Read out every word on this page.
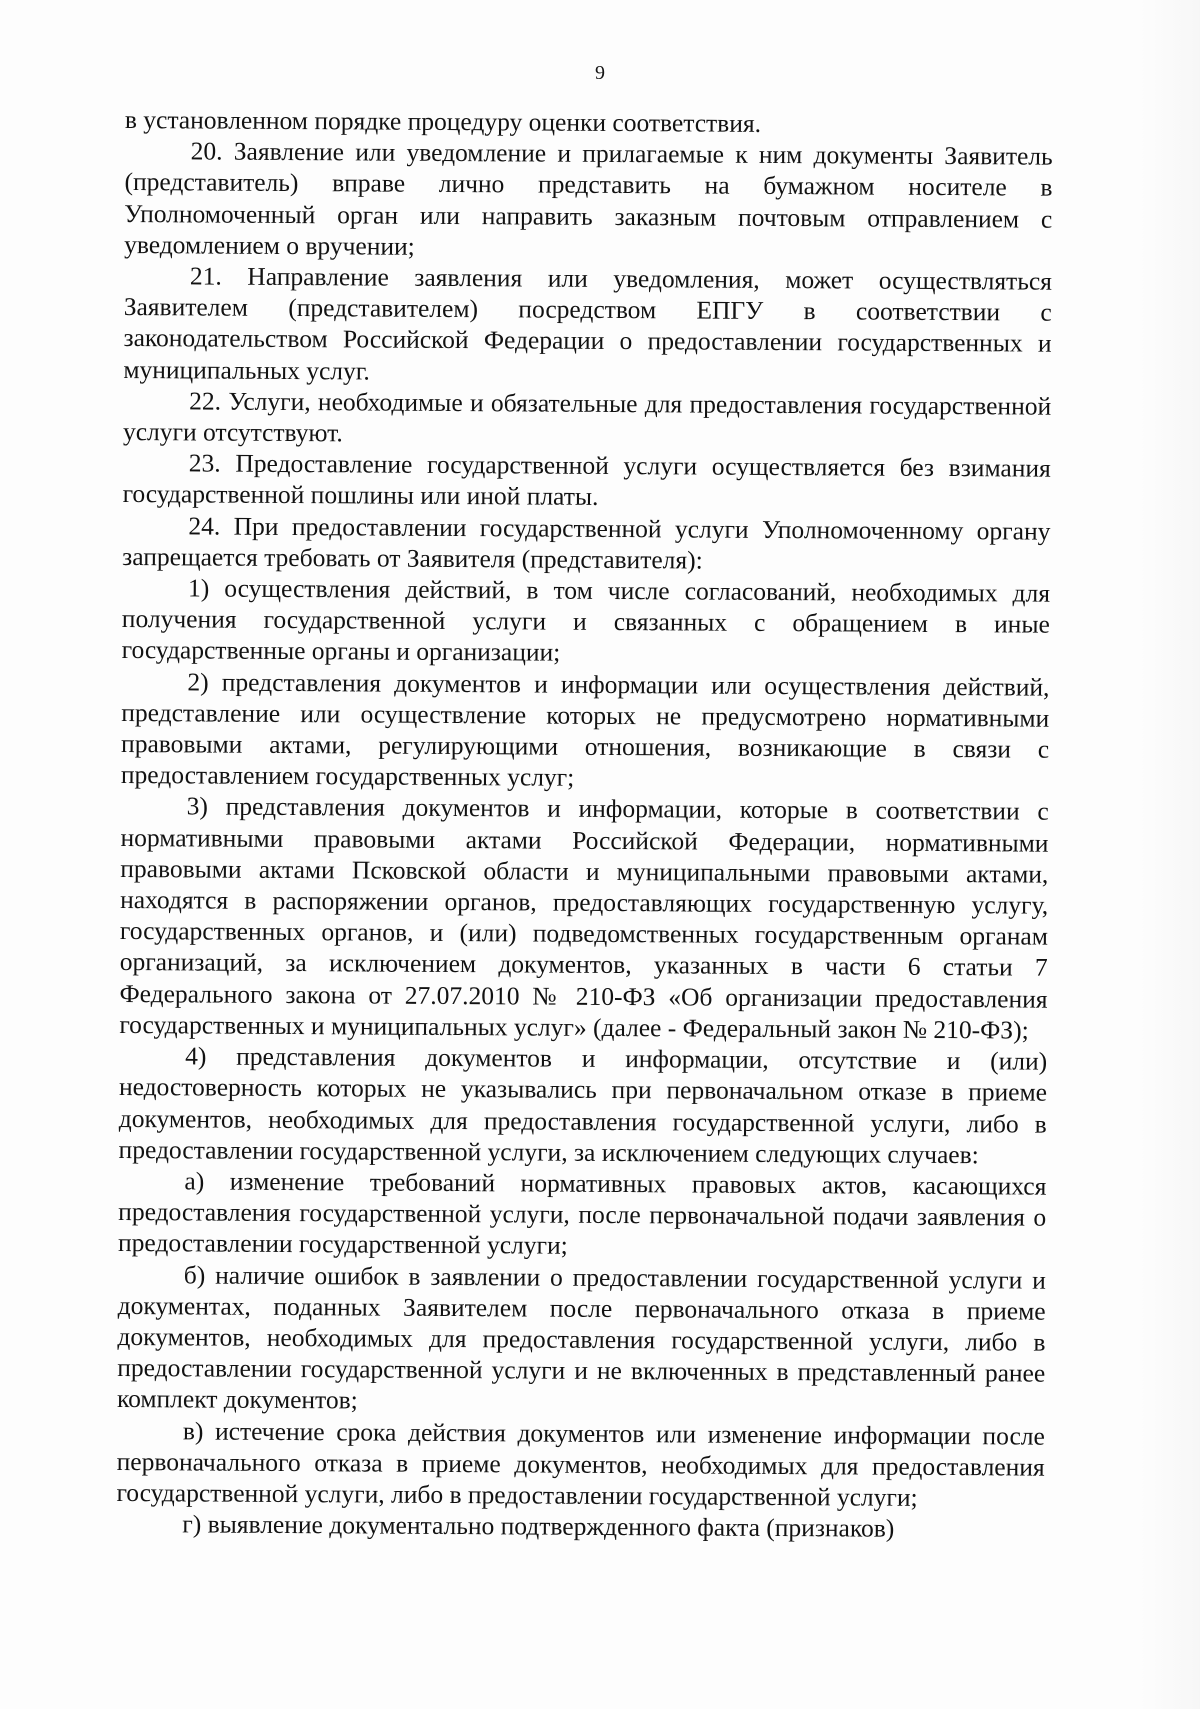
9

в установленном порядке процедуру оценки соответствия.

20. Заявление или уведомление и прилагаемые к ним документы Заявитель (представитель) вправе лично представить на бумажном носителе в Уполномоченный орган или направить заказным почтовым отправлением с уведомлением о вручении;

21. Направление заявления или уведомления, может осуществляться Заявителем (представителем) посредством ЕПГУ в соответствии с законодательством Российской Федерации о предоставлении государственных и муниципальных услуг.

22. Услуги, необходимые и обязательные для предоставления государственной услуги отсутствуют.

23. Предоставление государственной услуги осуществляется без взимания государственной пошлины или иной платы.

24. При предоставлении государственной услуги Уполномоченному органу запрещается требовать от Заявителя (представителя):

1) осуществления действий, в том числе согласований, необходимых для получения государственной услуги и связанных с обращением в иные государственные органы и организации;

2) представления документов и информации или осуществления действий, представление или осуществление которых не предусмотрено нормативными правовыми актами, регулирующими отношения, возникающие в связи с предоставлением государственных услуг;

3) представления документов и информации, которые в соответствии с нормативными правовыми актами Российской Федерации, нормативными правовыми актами Псковской области и муниципальными правовыми актами, находятся в распоряжении органов, предоставляющих государственную услугу, государственных органов, и (или) подведомственных государственным органам организаций, за исключением документов, указанных в части 6 статьи 7 Федерального закона от 27.07.2010 № 210-ФЗ «Об организации предоставления государственных и муниципальных услуг» (далее - Федеральный закон № 210-ФЗ);

4) представления документов и информации, отсутствие и (или) недостоверность которых не указывались при первоначальном отказе в приеме документов, необходимых для предоставления государственной услуги, либо в предоставлении государственной услуги, за исключением следующих случаев:

а) изменение требований нормативных правовых актов, касающихся предоставления государственной услуги, после первоначальной подачи заявления о предоставлении государственной услуги;

б) наличие ошибок в заявлении о предоставлении государственной услуги и документах, поданных Заявителем после первоначального отказа в приеме документов, необходимых для предоставления государственной услуги, либо в предоставлении государственной услуги и не включенных в представленный ранее комплект документов;

в) истечение срока действия документов или изменение информации после первоначального отказа в приеме документов, необходимых для предоставления государственной услуги, либо в предоставлении государственной услуги;

г) выявление документально подтвержденного факта (признаков)
